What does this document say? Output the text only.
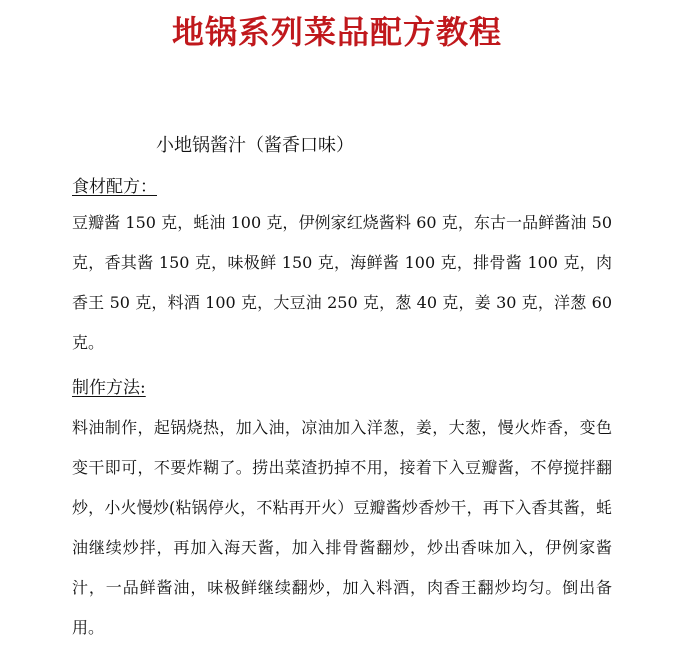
地锅系列菜品配方教程
小地锅酱汁（酱香口味）
食材配方：
豆瓣酱 150 克，蚝油 100 克，伊例家红烧酱料 60 克，东古一品鲜酱油 50 克，香其酱 150 克，味极鲜 150 克，海鲜酱 100 克，排骨酱 100 克，肉香王 50 克，料酒 100 克，大豆油 250 克，葱 40 克，姜 30 克，洋葱 60 克。
制作方法:
料油制作，起锅烧热，加入油，凉油加入洋葱，姜，大葱，慢火炸香，变色变干即可，不要炸糊了。捞出菜渣扔掉不用，接着下入豆瓣酱，不停搅拌翻炒，小火慢炒(粘锅停火，不粘再开火）豆瓣酱炒香炒干，再下入香其酱，蚝油继续炒拌，再加入海天酱，加入排骨酱翻炒，炒出香味加入，伊例家酱汁，一品鲜酱油，味极鲜继续翻炒，加入料酒，肉香王翻炒均匀。倒出备用。
